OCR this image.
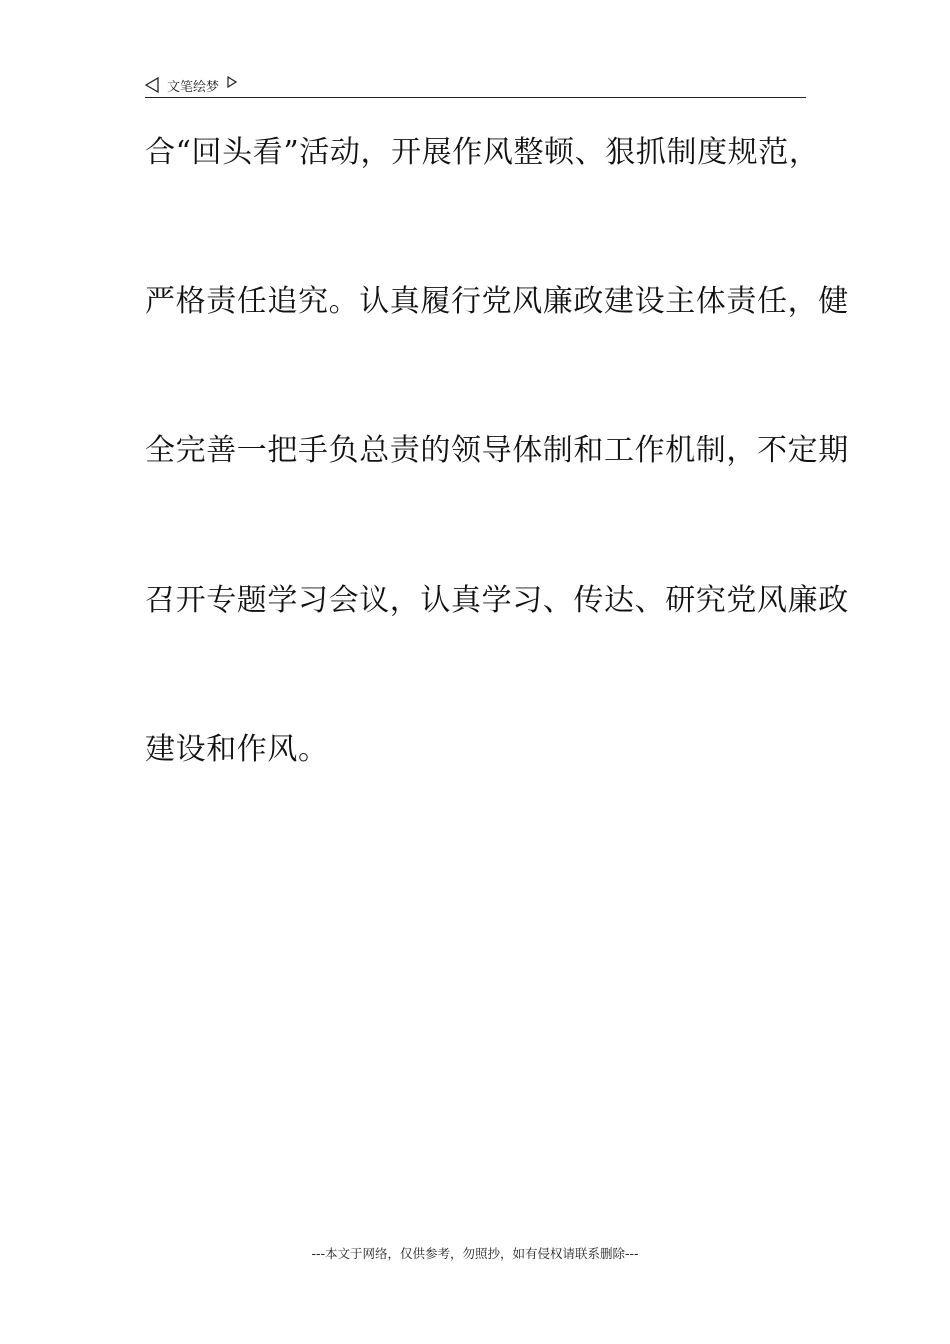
文笔绘梦
合“回头看”活动，开展作风整顿、狠抓制度规范，
严格责任追究。认真履行党风廉政建设主体责任，健
全完善一把手负总责的领导体制和工作机制，不定期
召开专题学习会议，认真学习、传达、研究党风廉政
建设和作风。
---本文于网络，仅供参考，勿照抄，如有侵权请联系删除---
